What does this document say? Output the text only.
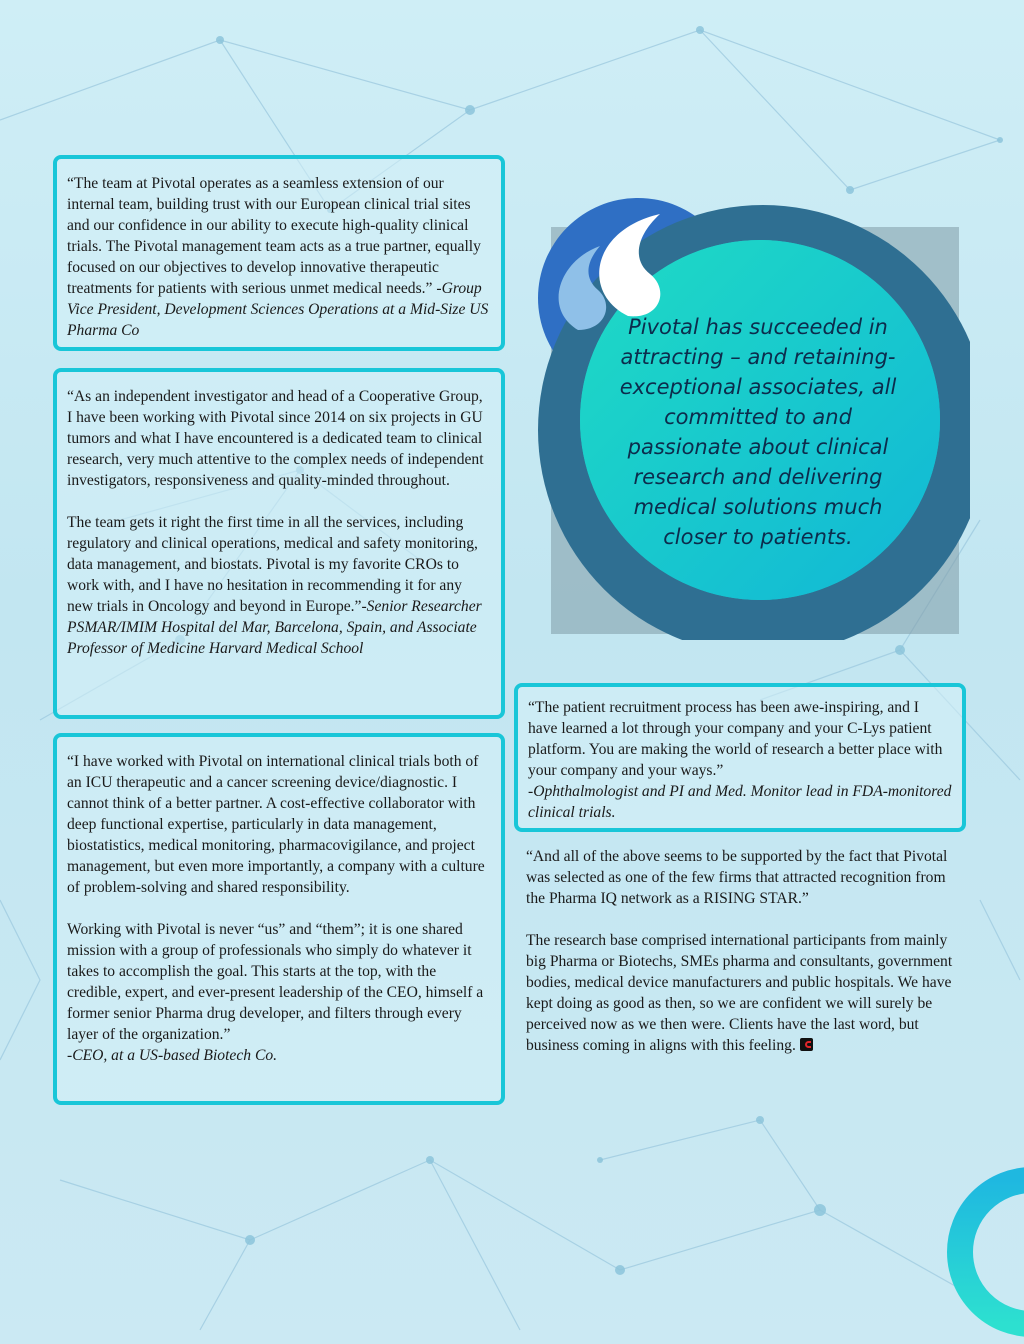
“The team at Pivotal operates as a seamless extension of our internal team, building trust with our European clinical trial sites and our confidence in our ability to execute high-quality clinical trials. The Pivotal management team acts as a true partner, equally focused on our objectives to develop innovative therapeutic treatments for patients with serious unmet medical needs.” -Group Vice President, Development Sciences Operations at a Mid-Size US Pharma Co

“As an independent investigator and head of a Cooperative Group, I have been working with Pivotal since 2014 on six projects in GU tumors and what I have encountered is a dedicated team to clinical research, very much attentive to the complex needs of independent investigators, responsiveness and quality-minded throughout.

The team gets it right the first time in all the services, including regulatory and clinical operations, medical and safety monitoring, data management, and biostats. Pivotal is my favorite CROs to work with, and I have no hesitation in recommending it for any new trials in Oncology and beyond in Europe.”-Senior Researcher PSMAR/IMIM Hospital del Mar, Barcelona, Spain, and Associate Professor of Medicine Harvard Medical School

“I have worked with Pivotal on international clinical trials both of an ICU therapeutic and a cancer screening device/diagnostic. I cannot think of a better partner. A cost-effective collaborator with deep functional expertise, particularly in data management, biostatistics, medical monitoring, pharmacovigilance, and project management, but even more importantly, a company with a culture of problem-solving and shared responsibility.

Working with Pivotal is never “us” and “them”; it is one shared mission with a group of professionals who simply do whatever it takes to accomplish the goal. This starts at the top, with the credible, expert, and ever-present leadership of the CEO, himself a former senior Pharma drug developer, and filters through every layer of the organization.”
-CEO, at a US-based Biotech Co.

Pivotal has succeeded in attracting – and retaining- exceptional associates, all committed to and passionate about clinical research and delivering medical solutions much closer to patients.

“The patient recruitment process has been awe-inspiring, and I have learned a lot through your company and your C-Lys patient platform. You are making the world of research a better place with your company and your ways.”
-Ophthalmologist and PI and Med. Monitor lead in FDA-monitored clinical trials.

“And all of the above seems to be supported by the fact that Pivotal was selected as one of the few firms that attracted recognition from the Pharma IQ network as a RISING STAR.”

The research base comprised international participants from mainly big Pharma or Biotechs, SMEs pharma and consultants, government bodies, medical device manufacturers and public hospitals. We have kept doing as good as then, so we are confident we will surely be perceived now as we then were. Clients have the last word, but business coming in aligns with this feeling.
